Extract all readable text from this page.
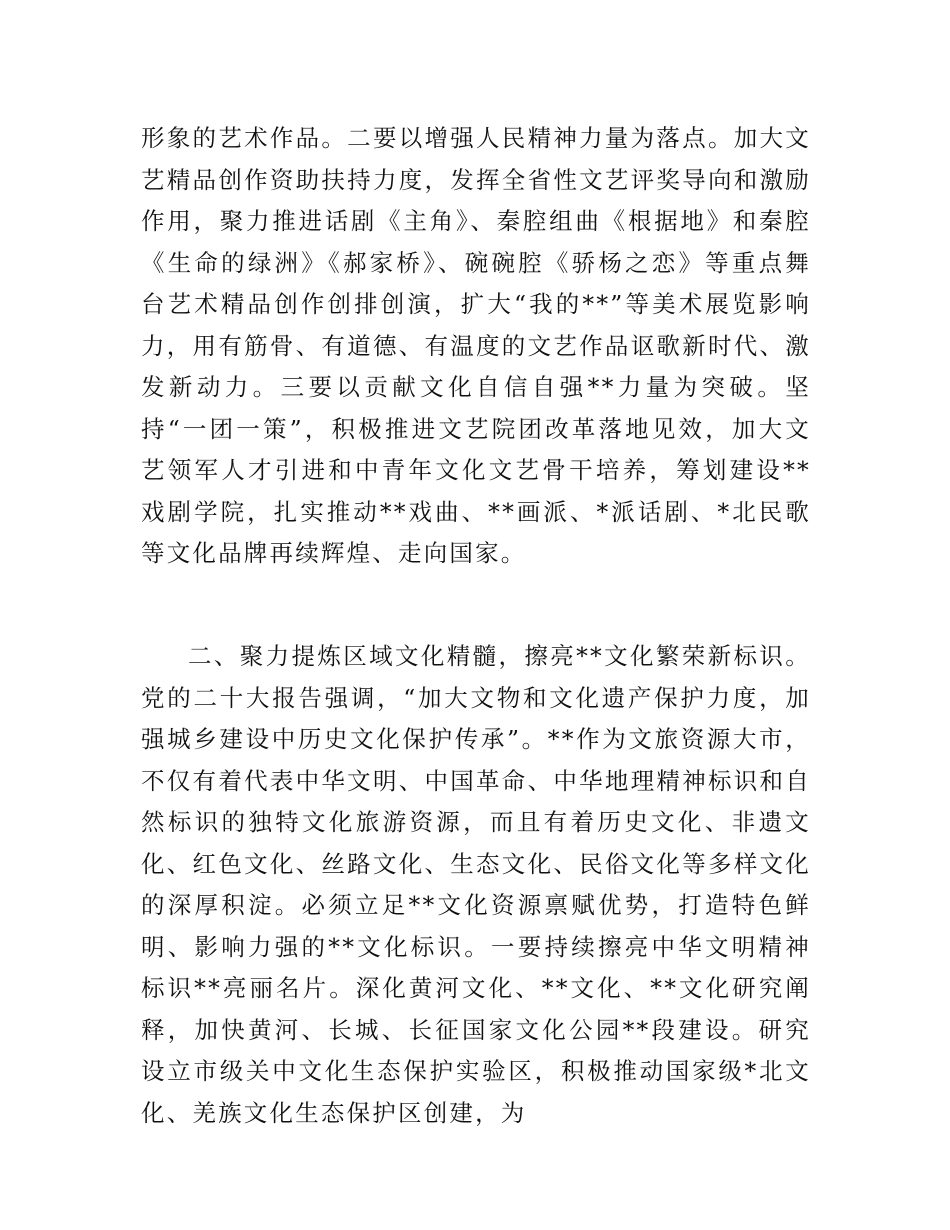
形象的艺术作品。二要以增强人民精神力量为落点。加大文艺精品创作资助扶持力度，发挥全省性文艺评奖导向和激励作用，聚力推进话剧《主角》、秦腔组曲《根据地》和秦腔《生命的绿洲》《郝家桥》、碗碗腔《骄杨之恋》等重点舞台艺术精品创作创排创演，扩大“我的**”等美术展览影响力，用有筋骨、有道德、有温度的文艺作品讴歌新时代、激发新动力。三要以贡献文化自信自强**力量为突破。坚持“一团一策”，积极推进文艺院团改革落地见效，加大文艺领军人才引进和中青年文化文艺骨干培养，筹划建设**戏剧学院，扎实推动**戏曲、**画派、*派话剧、*北民歌等文化品牌再续辉煌、走向国家。

二、聚力提炼区域文化精髓，擦亮**文化繁荣新标识。党的二十大报告强调，“加大文物和文化遗产保护力度，加强城乡建设中历史文化保护传承”。**作为文旅资源大市，不仅有着代表中华文明、中国革命、中华地理精神标识和自然标识的独特文化旅游资源，而且有着历史文化、非遗文化、红色文化、丝路文化、生态文化、民俗文化等多样文化的深厚积淀。必须立足**文化资源禀赋优势，打造特色鲜明、影响力强的**文化标识。一要持续擦亮中华文明精神标识**亮丽名片。深化黄河文化、**文化、**文化研究阐释，加快黄河、长城、长征国家文化公园**段建设。研究设立市级关中文化生态保护实验区，积极推动国家级*北文化、羌族文化生态保护区创建，为
